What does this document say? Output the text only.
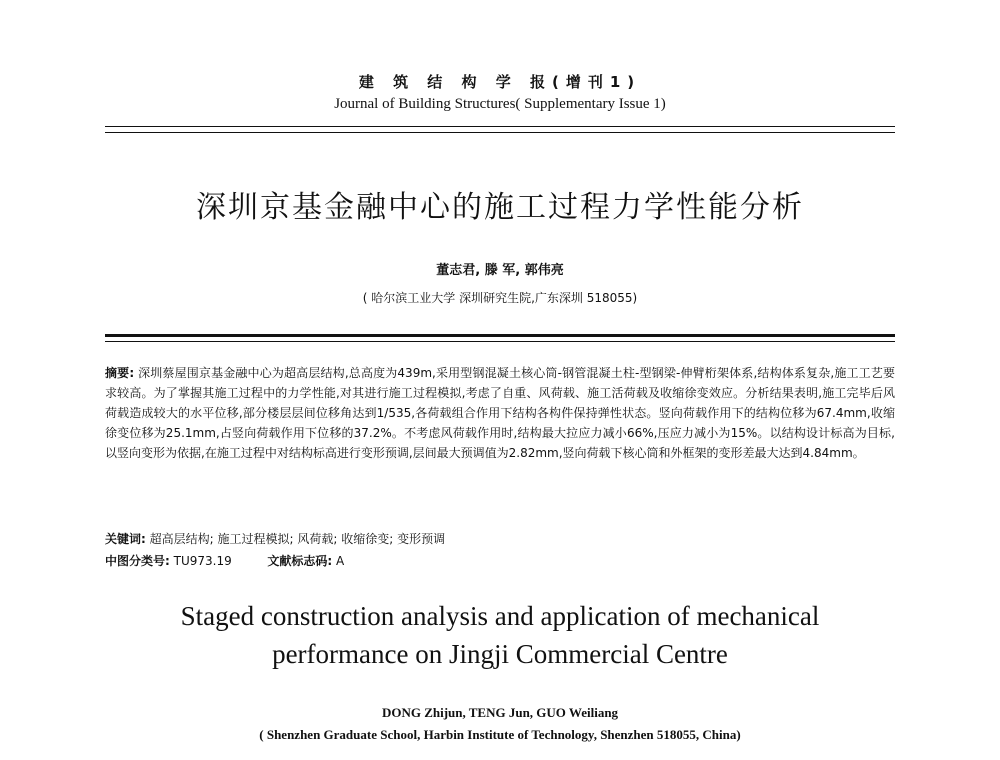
建 筑 结 构 学 报(增刊1)
Journal of Building Structures( Supplementary Issue 1)
深圳京基金融中心的施工过程力学性能分析
董志君, 滕 军, 郭伟亮
( 哈尔滨工业大学 深圳研究生院,广东深圳 518055)
摘要: 深圳蔡屋围京基金融中心为超高层结构,总高度为439m,采用型钢混凝土核心筒-钢管混凝土柱-型钢梁-伸臂桁架体系,结构体系复杂,施工工艺要求较高。为了掌握其施工过程中的力学性能,对其进行施工过程模拟,考虑了自重、风荷载、施工活荷载及收缩徐变效应。分析结果表明,施工完毕后风荷载造成较大的水平位移,部分楼层层间位移角达到1/535,各荷载组合作用下结构各构件保持弹性状态。竖向荷载作用下的结构位移为67.4mm,收缩徐变位移为25.1mm,占竖向荷载作用下位移的37.2%。不考虑风荷载作用时,结构最大拉应力减小66%,压应力减小为15%。以结构设计标高为目标,以竖向变形为依据,在施工过程中对结构标高进行变形预调,层间最大预调值为2.82mm,竖向荷载下核心筒和外框架的变形差最大达到4.84mm。
关键词: 超高层结构; 施工过程模拟; 风荷载; 收缩徐变; 变形预调
中图分类号: TU973.19	文献标志码: A
Staged construction analysis and application of mechanical
performance on Jingji Commercial Centre
DONG Zhijun, TENG Jun, GUO Weiliang
( Shenzhen Graduate School, Harbin Institute of Technology, Shenzhen 518055, China)
